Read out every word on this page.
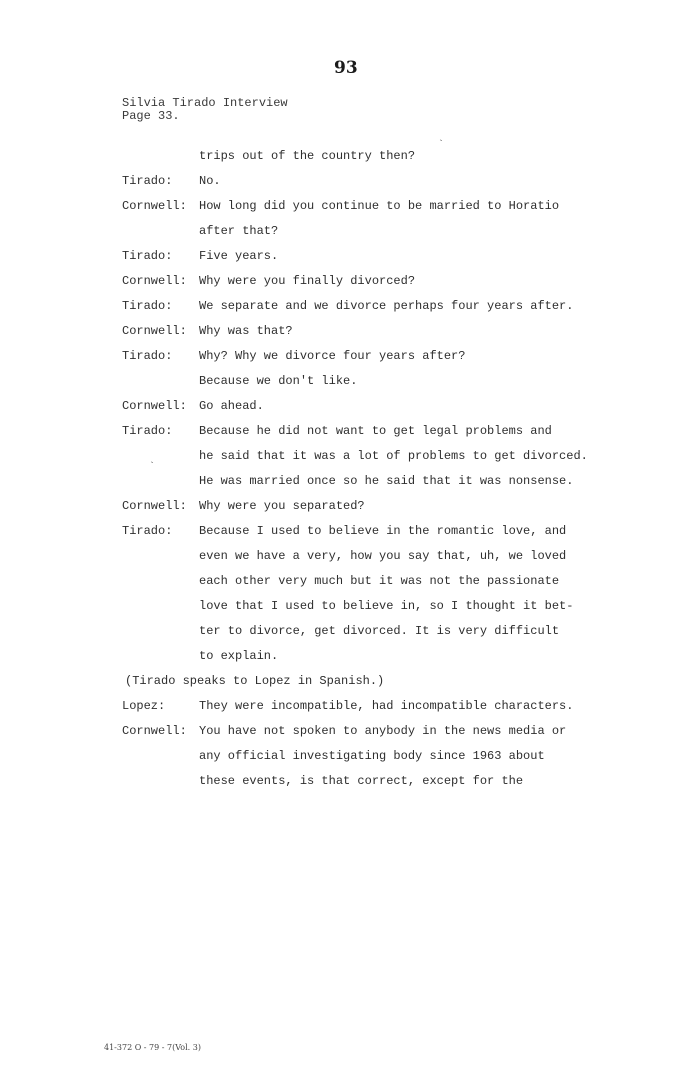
93
Silvia Tirado Interview
Page 33.
`
`
trips out of the country then?
Tirado: No.
Cornwell: How long did you continue to be married to Horatio
after that?
Tirado: Five years.
Cornwell: Why were you finally divorced?
Tirado: We separate and we divorce perhaps four years after.
Cornwell: Why was that?
Tirado: Why? Why we divorce four years after?
Because we don't like.
Cornwell: Go ahead.
Tirado: Because he did not want to get legal problems and
he said that it was a lot of problems to get divorced.
He was married once so he said that it was nonsense.
Cornwell: Why were you separated?
Tirado: Because I used to believe in the romantic love, and
even we have a very, how you say that, uh, we loved
each other very much but it was not the passionate
love that I used to believe in, so I thought it bet-
ter to divorce, get divorced. It is very difficult
to explain.
(Tirado speaks to Lopez in Spanish.)
Lopez:	They were incompatible, had incompatible characters.
Cornwell: You have not spoken to anybody in the news media or
any official investigating body since 1963 about
these events, is that correct, except for the
41-372 O - 79 - 7(Vol. 3)
